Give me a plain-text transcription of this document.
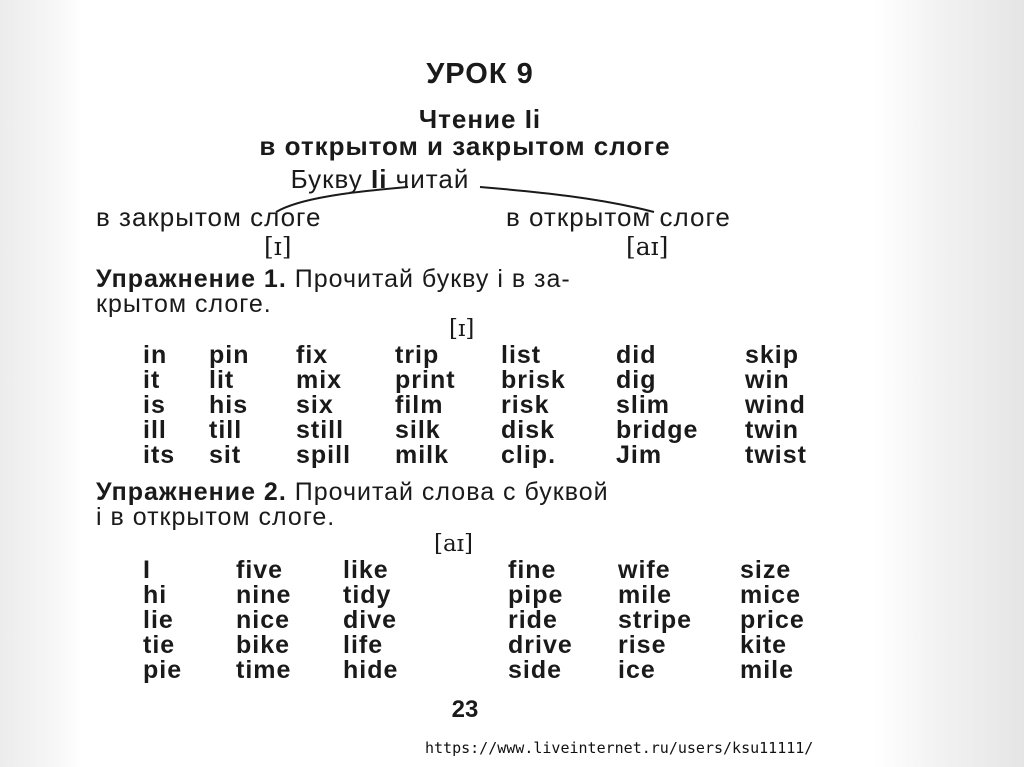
УРОК 9
Чтение Ii
в открытом и закрытом слоге
Букву Ii читай
в закрытом слоге	в открытом слоге
[ɪ]	[aɪ]
Упражнение 1. Прочитай букву i в за-
крытом слоге.
[ɪ]
in
it
is
ill
its
pin
lit
his
till
sit
fix
mix
six
still
spill
trip
print
film
silk
milk
list
brisk
risk
disk
clip.
did
dig
slim
bridge
Jim
skip
win
wind
twin
twist
Упражнение 2. Прочитай слова с буквой
i в открытом слоге.
[aɪ]
I
hi
lie
tie
pie
five
nine
nice
bike
time
like
tidy
dive
life
hide
fine
pipe
ride
drive
side
wife
mile
stripe
rise
ice
size
mice
price
kite
mile
23
https://www.liveinternet.ru/users/ksu11111/
